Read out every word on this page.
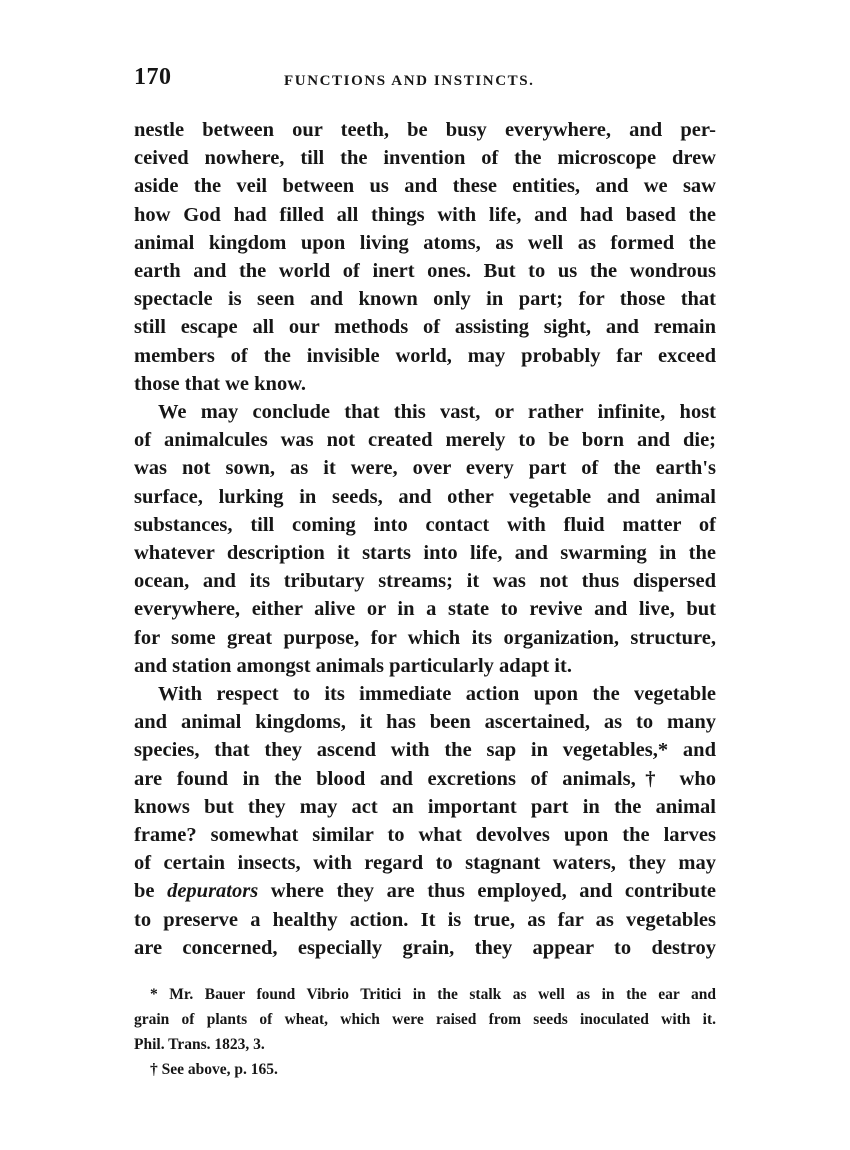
170	FUNCTIONS AND INSTINCTS.

nestle between our teeth, be busy everywhere, and per-
ceived nowhere, till the invention of the microscope drew
aside the veil between us and these entities, and we saw
how God had filled all things with life, and had based the
animal kingdom upon living atoms, as well as formed the
earth and the world of inert ones. But to us the wondrous
spectacle is seen and known only in part; for those that
still escape all our methods of assisting sight, and remain
members of the invisible world, may probably far exceed
those that we know.

We may conclude that this vast, or rather infinite, host
of animalcules was not created merely to be born and die;
was not sown, as it were, over every part of the earth's
surface, lurking in seeds, and other vegetable and animal
substances, till coming into contact with fluid matter of
whatever description it starts into life, and swarming in the
ocean, and its tributary streams; it was not thus dispersed
everywhere, either alive or in a state to revive and live, but
for some great purpose, for which its organization, structure,
and station amongst animals particularly adapt it.

With respect to its immediate action upon the vegetable
and animal kingdoms, it has been ascertained, as to many
species, that they ascend with the sap in vegetables,* and
are found in the blood and excretions of animals,† who
knows but they may act an important part in the animal
frame? somewhat similar to what devolves upon the larves
of certain insects, with regard to stagnant waters, they may
be depurators where they are thus employed, and contribute
to preserve a healthy action. It is true, as far as vegetables
are concerned, especially grain, they appear to destroy

* Mr. Bauer found Vibrio Tritici in the stalk as well as in the ear and
grain of plants of wheat, which were raised from seeds inoculated with it.
Phil. Trans. 1823, 3.

† See above, p. 165.
